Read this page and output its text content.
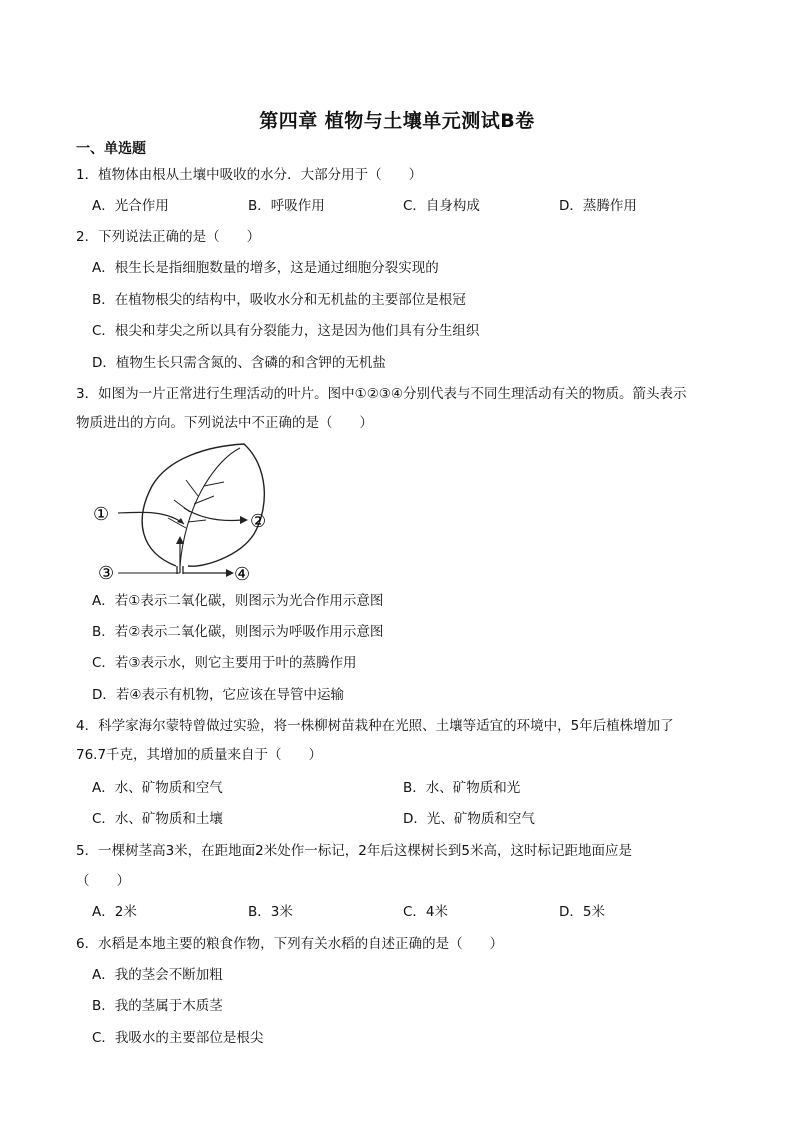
第四章 植物与土壤单元测试B卷
一、单选题
1．植物体由根从土壤中吸收的水分．大部分用于（　　）
A．光合作用	B．呼吸作用	C．自身构成	D．蒸腾作用
2．下列说法正确的是（　　）
A．根生长是指细胞数量的增多，这是通过细胞分裂实现的
B．在植物根尖的结构中，吸收水分和无机盐的主要部位是根冠
C．根尖和芽尖之所以具有分裂能力，这是因为他们具有分生组织
D．植物生长只需含氮的、含磷的和含钾的无机盐
3．如图为一片正常进行生理活动的叶片。图中①②③④分别代表与不同生理活动有关的物质。箭头表示
物质进出的方向。下列说法中不正确的是（　　）
①	②
③	④
A．若①表示二氧化碳，则图示为光合作用示意图
B．若②表示二氧化碳，则图示为呼吸作用示意图
C．若③表示水，则它主要用于叶的蒸腾作用
D．若④表示有机物，它应该在导管中运输
4．科学家海尔蒙特曾做过实验，将一株柳树苗栽种在光照、土壤等适宜的环境中，5年后植株增加了
76.7千克，其增加的质量来自于（　　）
A．水、矿物质和空气	B．水、矿物质和光
C．水、矿物质和土壤	D．光、矿物质和空气
5．一棵树茎高3米，在距地面2米处作一标记，2年后这棵树长到5米高，这时标记距地面应是
（　　）
A．2米	B．3米	C．4米	D．5米
6．水稻是本地主要的粮食作物，下列有关水稻的自述正确的是（　　）
A．我的茎会不断加粗
B．我的茎属于木质茎
C．我吸水的主要部位是根尖
